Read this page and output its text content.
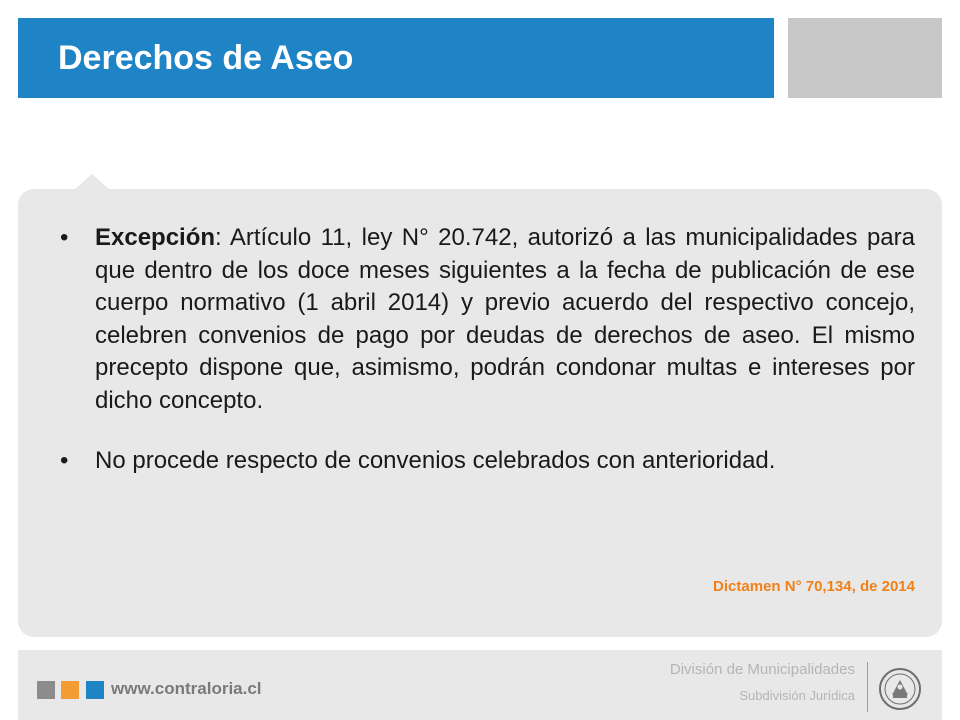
Derechos de Aseo
• Excepción: Artículo 11, ley N° 20.742, autorizó a las municipalidades para que dentro de los doce meses siguientes a la fecha de publicación de ese cuerpo normativo (1 abril 2014) y previo acuerdo del respectivo concejo, celebren convenios de pago por deudas de derechos de aseo. El mismo precepto dispone que, asimismo, podrán condonar multas e intereses por dicho concepto.
• No procede respecto de convenios celebrados con anterioridad.
Dictamen N° 70,134, de 2014
www.contraloria.cl
División de Municipalidades
Subdivisión Jurídica
